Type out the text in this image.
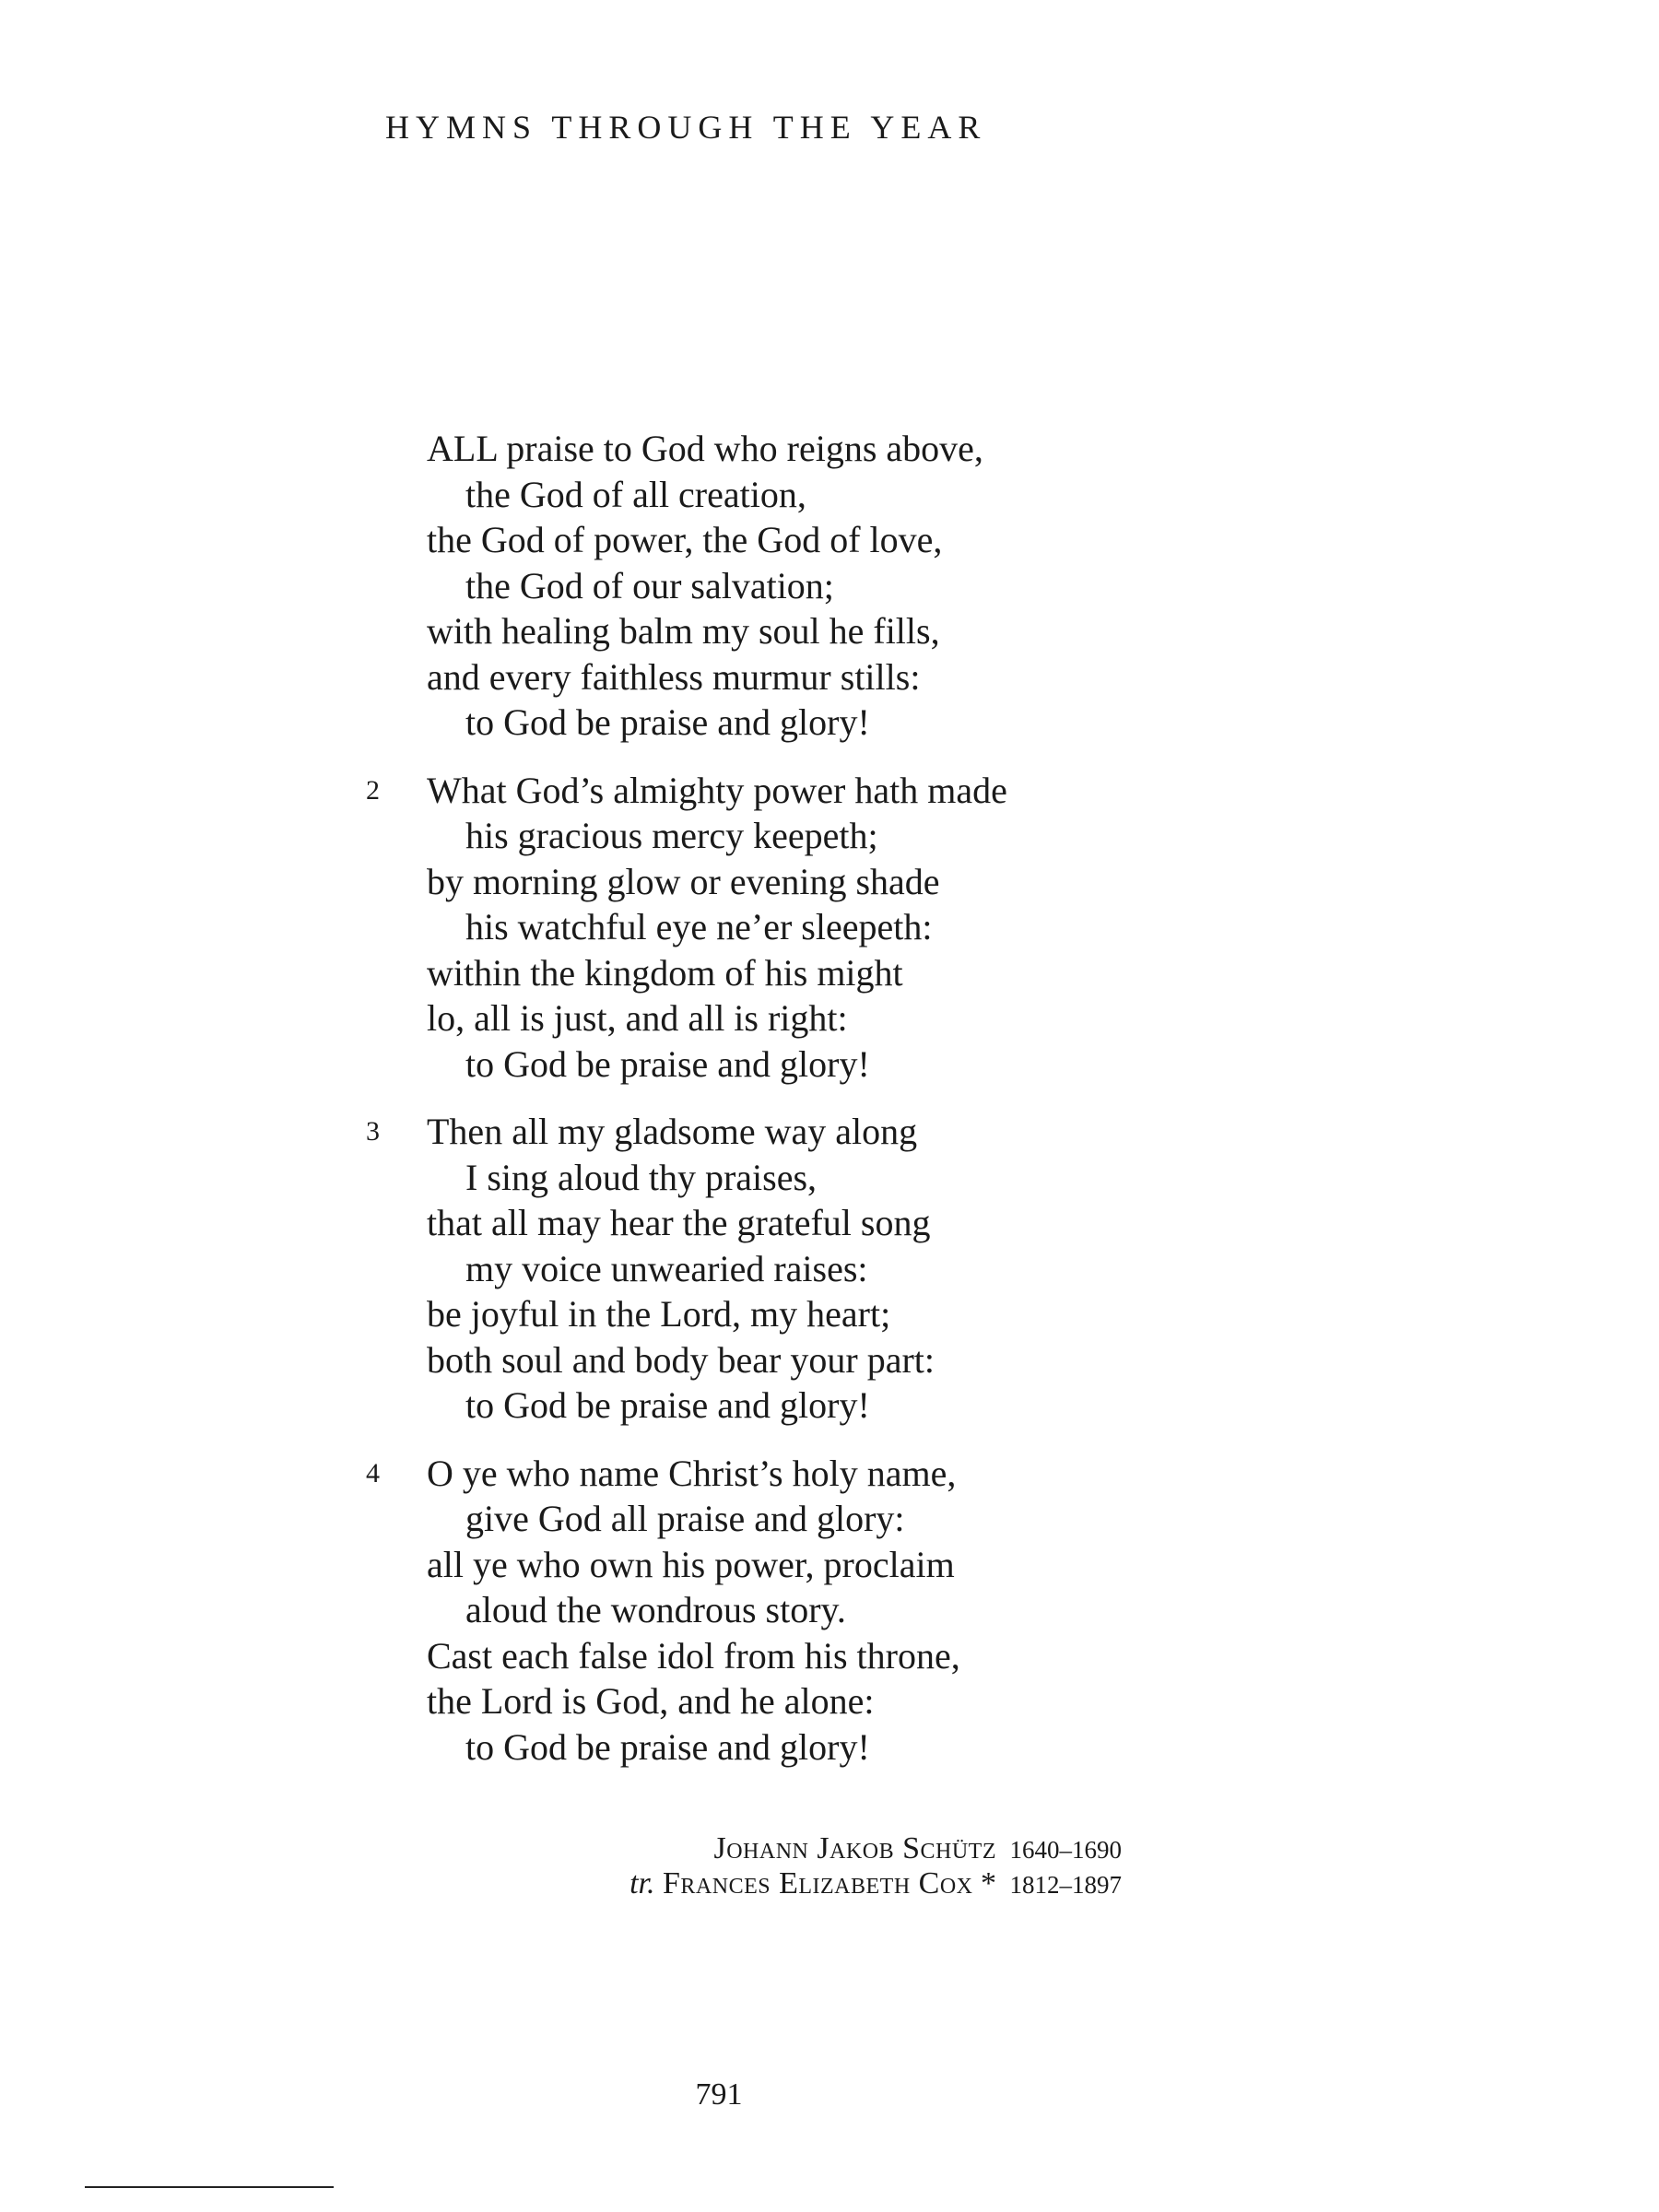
HYMNS THROUGH THE YEAR
ALL praise to God who reigns above,
the God of all creation,
the God of power, the God of love,
the God of our salvation;
with healing balm my soul he fills,
and every faithless murmur stills:
to God be praise and glory!
2 What God’s almighty power hath made
his gracious mercy keepeth;
by morning glow or evening shade
his watchful eye ne’er sleepeth:
within the kingdom of his might
lo, all is just, and all is right:
to God be praise and glory!
3 Then all my gladsome way along
I sing aloud thy praises,
that all may hear the grateful song
my voice unwearied raises:
be joyful in the Lord, my heart;
both soul and body bear your part:
to God be praise and glory!
4 O ye who name Christ’s holy name,
give God all praise and glory:
all ye who own his power, proclaim
aloud the wondrous story.
Cast each false idol from his throne,
the Lord is God, and he alone:
to God be praise and glory!
Johann Jakob Schütz 1640–1690
tr. Frances Elizabeth Cox * 1812–1897
791
